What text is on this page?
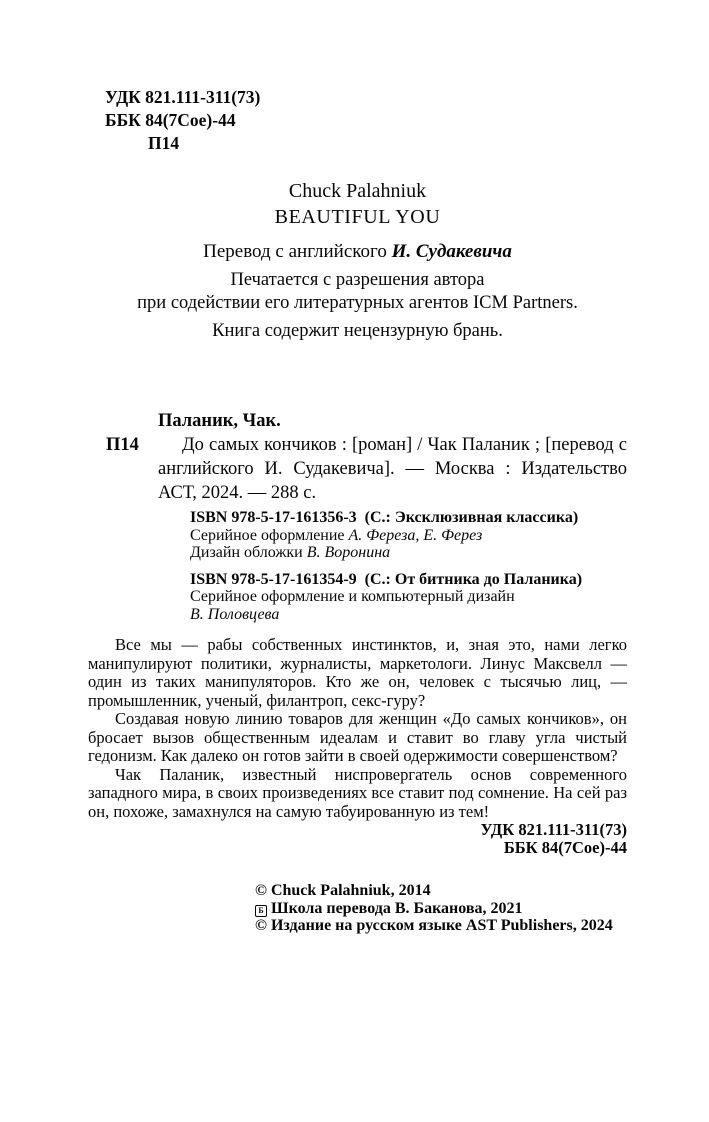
УДК 821.111-311(73)
ББК 84(7Сое)-44
П14
Chuck Palahniuk
BEAUTIFUL YOU
Перевод с английского И. Судакевича
Печатается с разрешения автора
при содействии его литературных агентов ICM Partners.
Книга содержит нецензурную брань.
П14

Паланик, Чак.

До самых кончиков : [роман] / Чак Паланик ; [перевод с английского И. Судакевича]. — Москва : Издательство АСТ, 2024. — 288 с.

ISBN 978-5-17-161356-3  (С.: Эксклюзивная классика)
Серийное оформление А. Фереза, Е. Ферез
Дизайн обложки В. Воронина
ISBN 978-5-17-161354-9  (С.: От битника до Паланика)
Серийное оформление и компьютерный дизайн
В. Половцева

Все мы — рабы собственных инстинктов, и, зная это, нами легко манипулируют политики, журналисты, маркетологи. Линус Максвелл — один из таких манипуляторов. Кто же он, человек с тысячью лиц, — промышленник, ученый, филантроп, секс-гуру?

Создавая новую линию товаров для женщин «До самых кончиков», он бросает вызов общественным идеалам и ставит во главу угла чистый гедонизм. Как далеко он готов зайти в своей одержимости совершенством?

Чак Паланик, известный ниспровергатель основ современного западного мира, в своих произведениях все ставит под сомнение. На сей раз он, похоже, замахнулся на самую табуированную из тем!

УДК 821.111-311(73)
ББК 84(7Сое)-44
© Chuck Palahniuk, 2014
Б Школа перевода В. Баканова, 2021
© Издание на русском языке AST Publishers, 2024
